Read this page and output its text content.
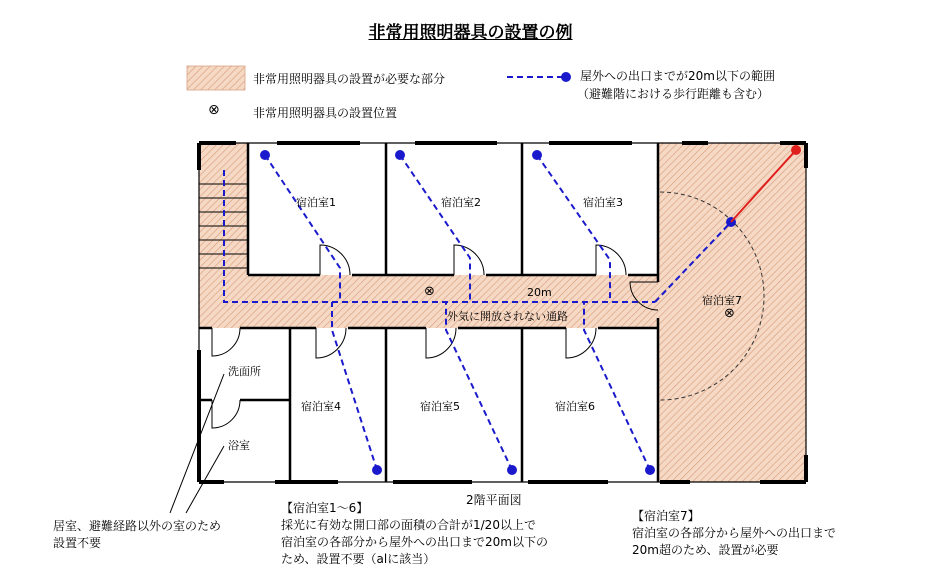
非常用照明器具の設置の例
非常用照明器具の設置が必要な部分
⊗	非常用照明器具の設置位置
屋外への出口までが20m以下の範囲
（避難階における歩行距離も含む）
宿泊室1	宿泊室2	宿泊室3
宿泊室4	宿泊室5	宿泊室6
宿泊室7
洗面所
浴室
⊗
⊗
20m
外気に開放されない通路
2階平面図
居室、避難経路以外の室のため
設置不要
【宿泊室1～6】
採光に有効な開口部の面積の合計が1/20以上で
宿泊室の各部分から屋外への出口まで20m以下の
ため、設置不要（alに該当）
【宿泊室7】
宿泊室の各部分から屋外への出口まで
20m超のため、設置が必要
